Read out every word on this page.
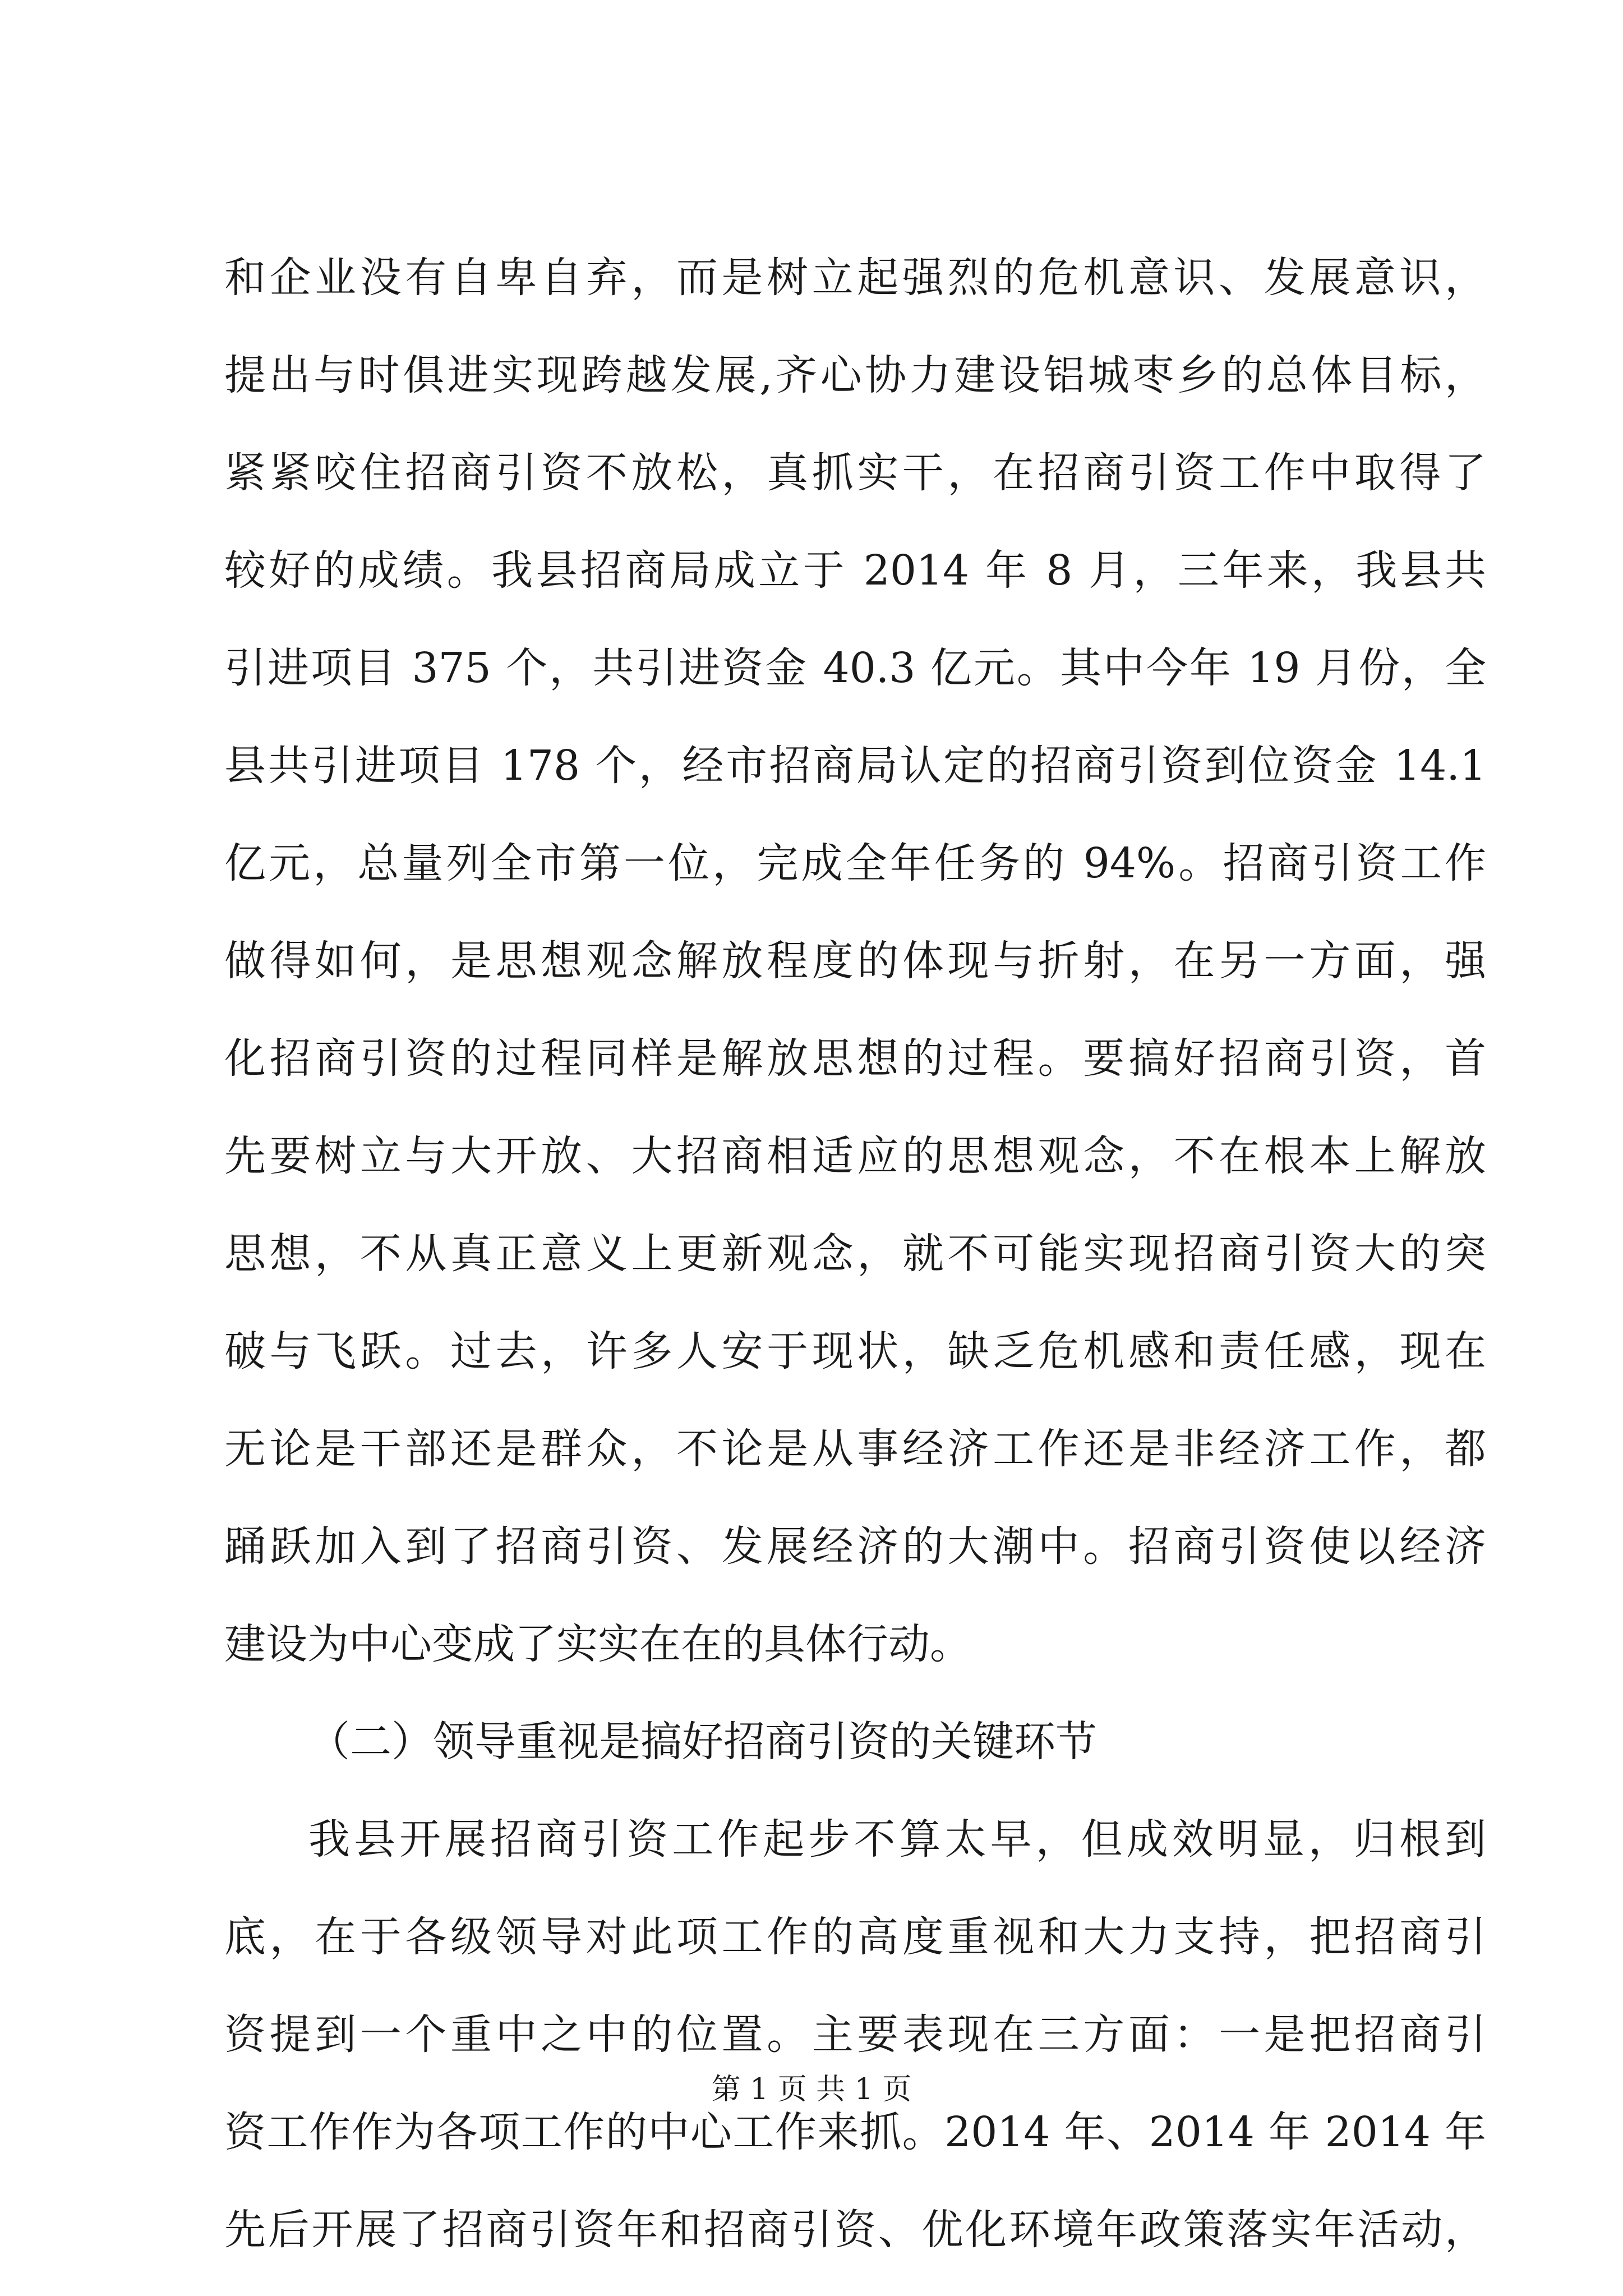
和企业没有自卑自弃，而是树立起强烈的危机意识、发展意识，
提出与时俱进实现跨越发展,齐心协力建设铝城枣乡的总体目标，
紧紧咬住招商引资不放松，真抓实干，在招商引资工作中取得了
较好的成绩。我县招商局成立于 2014 年 8 月，三年来，我县共
引进项目 375 个，共引进资金 40.3 亿元。其中今年 19 月份，全
县共引进项目 178 个，经市招商局认定的招商引资到位资金 14.1
亿元，总量列全市第一位，完成全年任务的 94%。招商引资工作
做得如何，是思想观念解放程度的体现与折射，在另一方面，强
化招商引资的过程同样是解放思想的过程。要搞好招商引资，首
先要树立与大开放、大招商相适应的思想观念，不在根本上解放
思想，不从真正意义上更新观念，就不可能实现招商引资大的突
破与飞跃。过去，许多人安于现状，缺乏危机感和责任感，现在
无论是干部还是群众，不论是从事经济工作还是非经济工作，都
踊跃加入到了招商引资、发展经济的大潮中。招商引资使以经济
建设为中心变成了实实在在的具体行动。
（二）领导重视是搞好招商引资的关键环节
我县开展招商引资工作起步不算太早，但成效明显，归根到
底，在于各级领导对此项工作的高度重视和大力支持，把招商引
资提到一个重中之中的位置。主要表现在三方面：一是把招商引
资工作作为各项工作的中心工作来抓。2014 年、2014 年 2014 年
先后开展了招商引资年和招商引资、优化环境年政策落实年活动，
第 1 页 共 1 页
